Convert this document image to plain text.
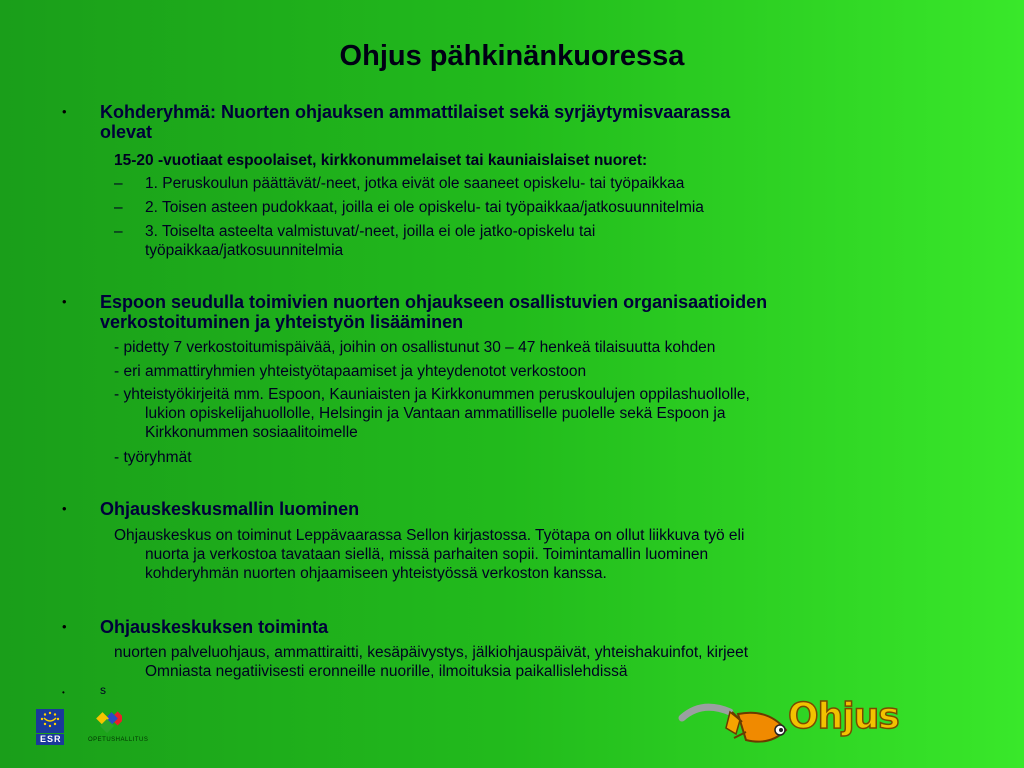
Ohjus pähkinänkuoressa
• Kohderyhmä: Nuorten ohjauksen ammattilaiset sekä syrjäytymisvaarassa
olevat
15-20 -vuotiaat espoolaiset, kirkkonummelaiset tai kauniaislaiset nuoret:
– 1. Peruskoulun päättävät/-neet, jotka eivät ole saaneet opiskelu- tai työpaikkaa
– 2. Toisen asteen pudokkaat, joilla ei ole opiskelu- tai työpaikkaa/jatkosuunnitelmia
– 3. Toiselta asteelta valmistuvat/-neet, joilla ei ole jatko-opiskelu tai
työpaikkaa/jatkosuunnitelmia
• Espoon seudulla toimivien nuorten ohjaukseen osallistuvien organisaatioiden
verkostoituminen ja yhteistyön lisääminen
- pidetty 7 verkostoitumispäivää, joihin on osallistunut 30 – 47 henkeä tilaisuutta kohden
- eri ammattiryhmien yhteistyötapaamiset ja yhteydenotot verkostoon
- yhteistyökirjeitä mm. Espoon, Kauniaisten ja Kirkkonummen peruskoulujen oppilashuollolle,
lukion opiskelijahuollolle, Helsingin ja Vantaan ammatilliselle puolelle sekä Espoon ja
Kirkkonummen sosiaalitoimelle
- työryhmät
• Ohjauskeskusmallin luominen
Ohjauskeskus on toiminut Leppävaarassa Sellon kirjastossa. Työtapa on ollut liikkuva työ eli
nuorta ja verkostoa tavataan siellä, missä parhaiten sopii. Toimintamallin luominen
kohderyhmän nuorten ohjaamiseen yhteistyössä verkoston kanssa.
• Ohjauskeskuksen toiminta
nuorten palveluohjaus, ammattiraitti, kesäpäivystys, jälkiohjauspäivät, yhteishakuinfot, kirjeet
Omniasta negatiivisesti eronneille nuorille, ilmoituksia paikallislehdissä
•	s
ESR	OPETUSHALLITUS
Ohjus
